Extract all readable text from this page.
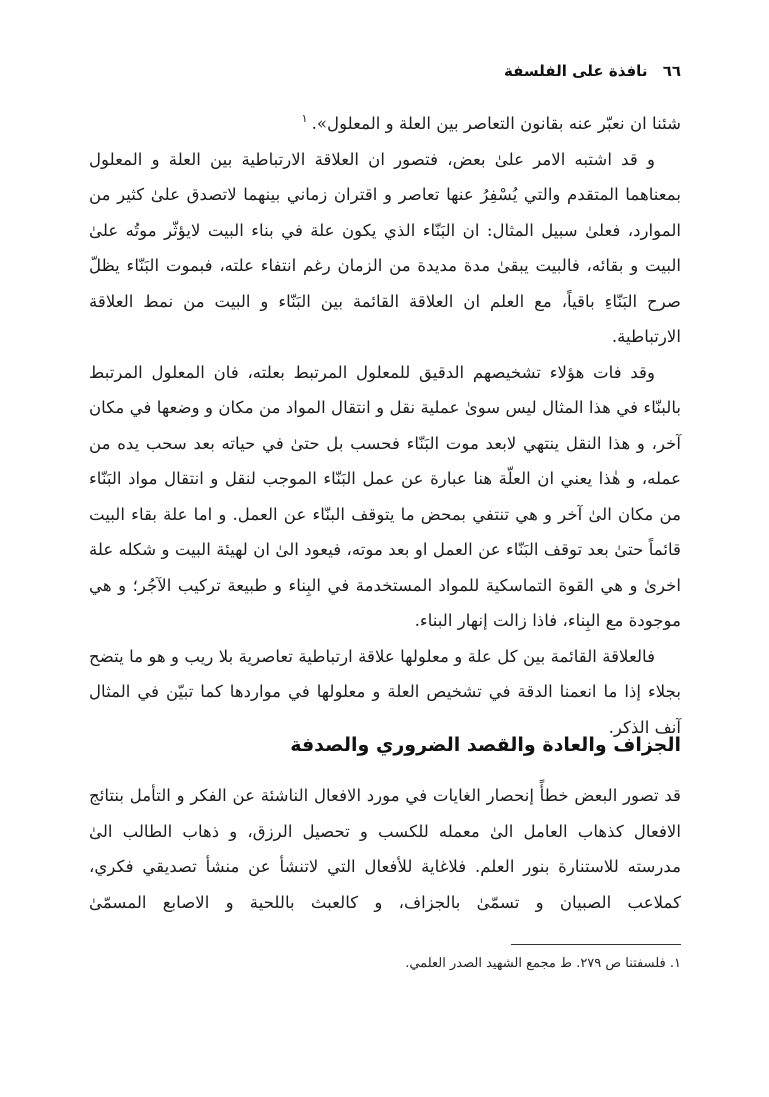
٦٦ نافذة على الفلسفة

شئنا ان نعبّر عنه بقانون التعاصر بين العلة و المعلول».$^١$

و قد اشتبه الامر علىٰ بعض، فتصور ان العلاقة الارتباطية بين العلة و المعلول بمعناهما المتقدم والتي يُسْفِرُ عنها تعاصر و اقتران زماني بينهما لاتصدق علىٰ كثير من الموارد، فعلىٰ سبيل المثال: ان البَنّاء الذي يكون علة في بناء البيت لايؤثّر موتُه علىٰ البيت و بقائه، فالبيت يبقىٰ مدة مديدة من الزمان رغم انتفاء علته، فبموت البَنّاء يظلّ صرح البَنّاءِ باقياً، مع العلم ان العلاقة القائمة بين البَنّاء و البيت من نمط العلاقة الارتباطية.

وقد فات هؤلاء تشخيصهم الدقيق للمعلول المرتبط بعلته، فان المعلول المرتبط بالبنّاء في هذا المثال ليس سوىٰ عملية نقل و انتقال المواد من مكان و وضعها في مكان آخر، و هذا النقل ينتهي لابعد موت البَنّاء فحسب بل حتىٰ في حياته بعد سحب يده من عمله، و هٰذا يعني ان العلّة هنا عبارة عن عمل البَنّاء الموجب لنقل و انتقال مواد البَنّاء من مكان الىٰ آخر و هي تنتفي بمحض ما يتوقف البنّاء عن العمل. و اما علة بقاء البيت قائماً حتىٰ بعد توقف البَنّاء عن العمل او بعد موته، فيعود الىٰ ان لهيئة البيت و شكله علة اخرىٰ و هي القوة التماسكية للمواد المستخدمة في البِناء و طبيعة تركيب الآجُر؛ و هي موجودة مع البِناء، فاذا زالت إنهار البناء.

فالعلاقة القائمة بين كل علة و معلولها علاقة ارتباطية تعاصرية بلا ريب و هو ما يتضح بجلاء إذا ما انعمنا الدقة في تشخيص العلة و معلولها في مواردها كما تبيّن في المثال آنف الذكر.

الجزاف والعادة والقصد الضروري والصدفة

قد تصور البعض خطأً إنحصار الغايات في مورد الافعال الناشئة عن الفكر و التأمل بنتائج الافعال كذهاب العامل الىٰ معمله للكسب و تحصيل الرزق، و ذهاب الطالب الىٰ مدرسته للاستنارة بنور العلم. فلاغاية للأفعال التي لاتنشأ عن منشأ تصديقي فكري، كملاعب الصبيان و تسمّىٰ بالجزاف، و كالعبث باللحية و الاصابع المسمّىٰ

١. فلسفتنا ص ٢٧٩. ط مجمع الشهيد الصدر العلمي.
